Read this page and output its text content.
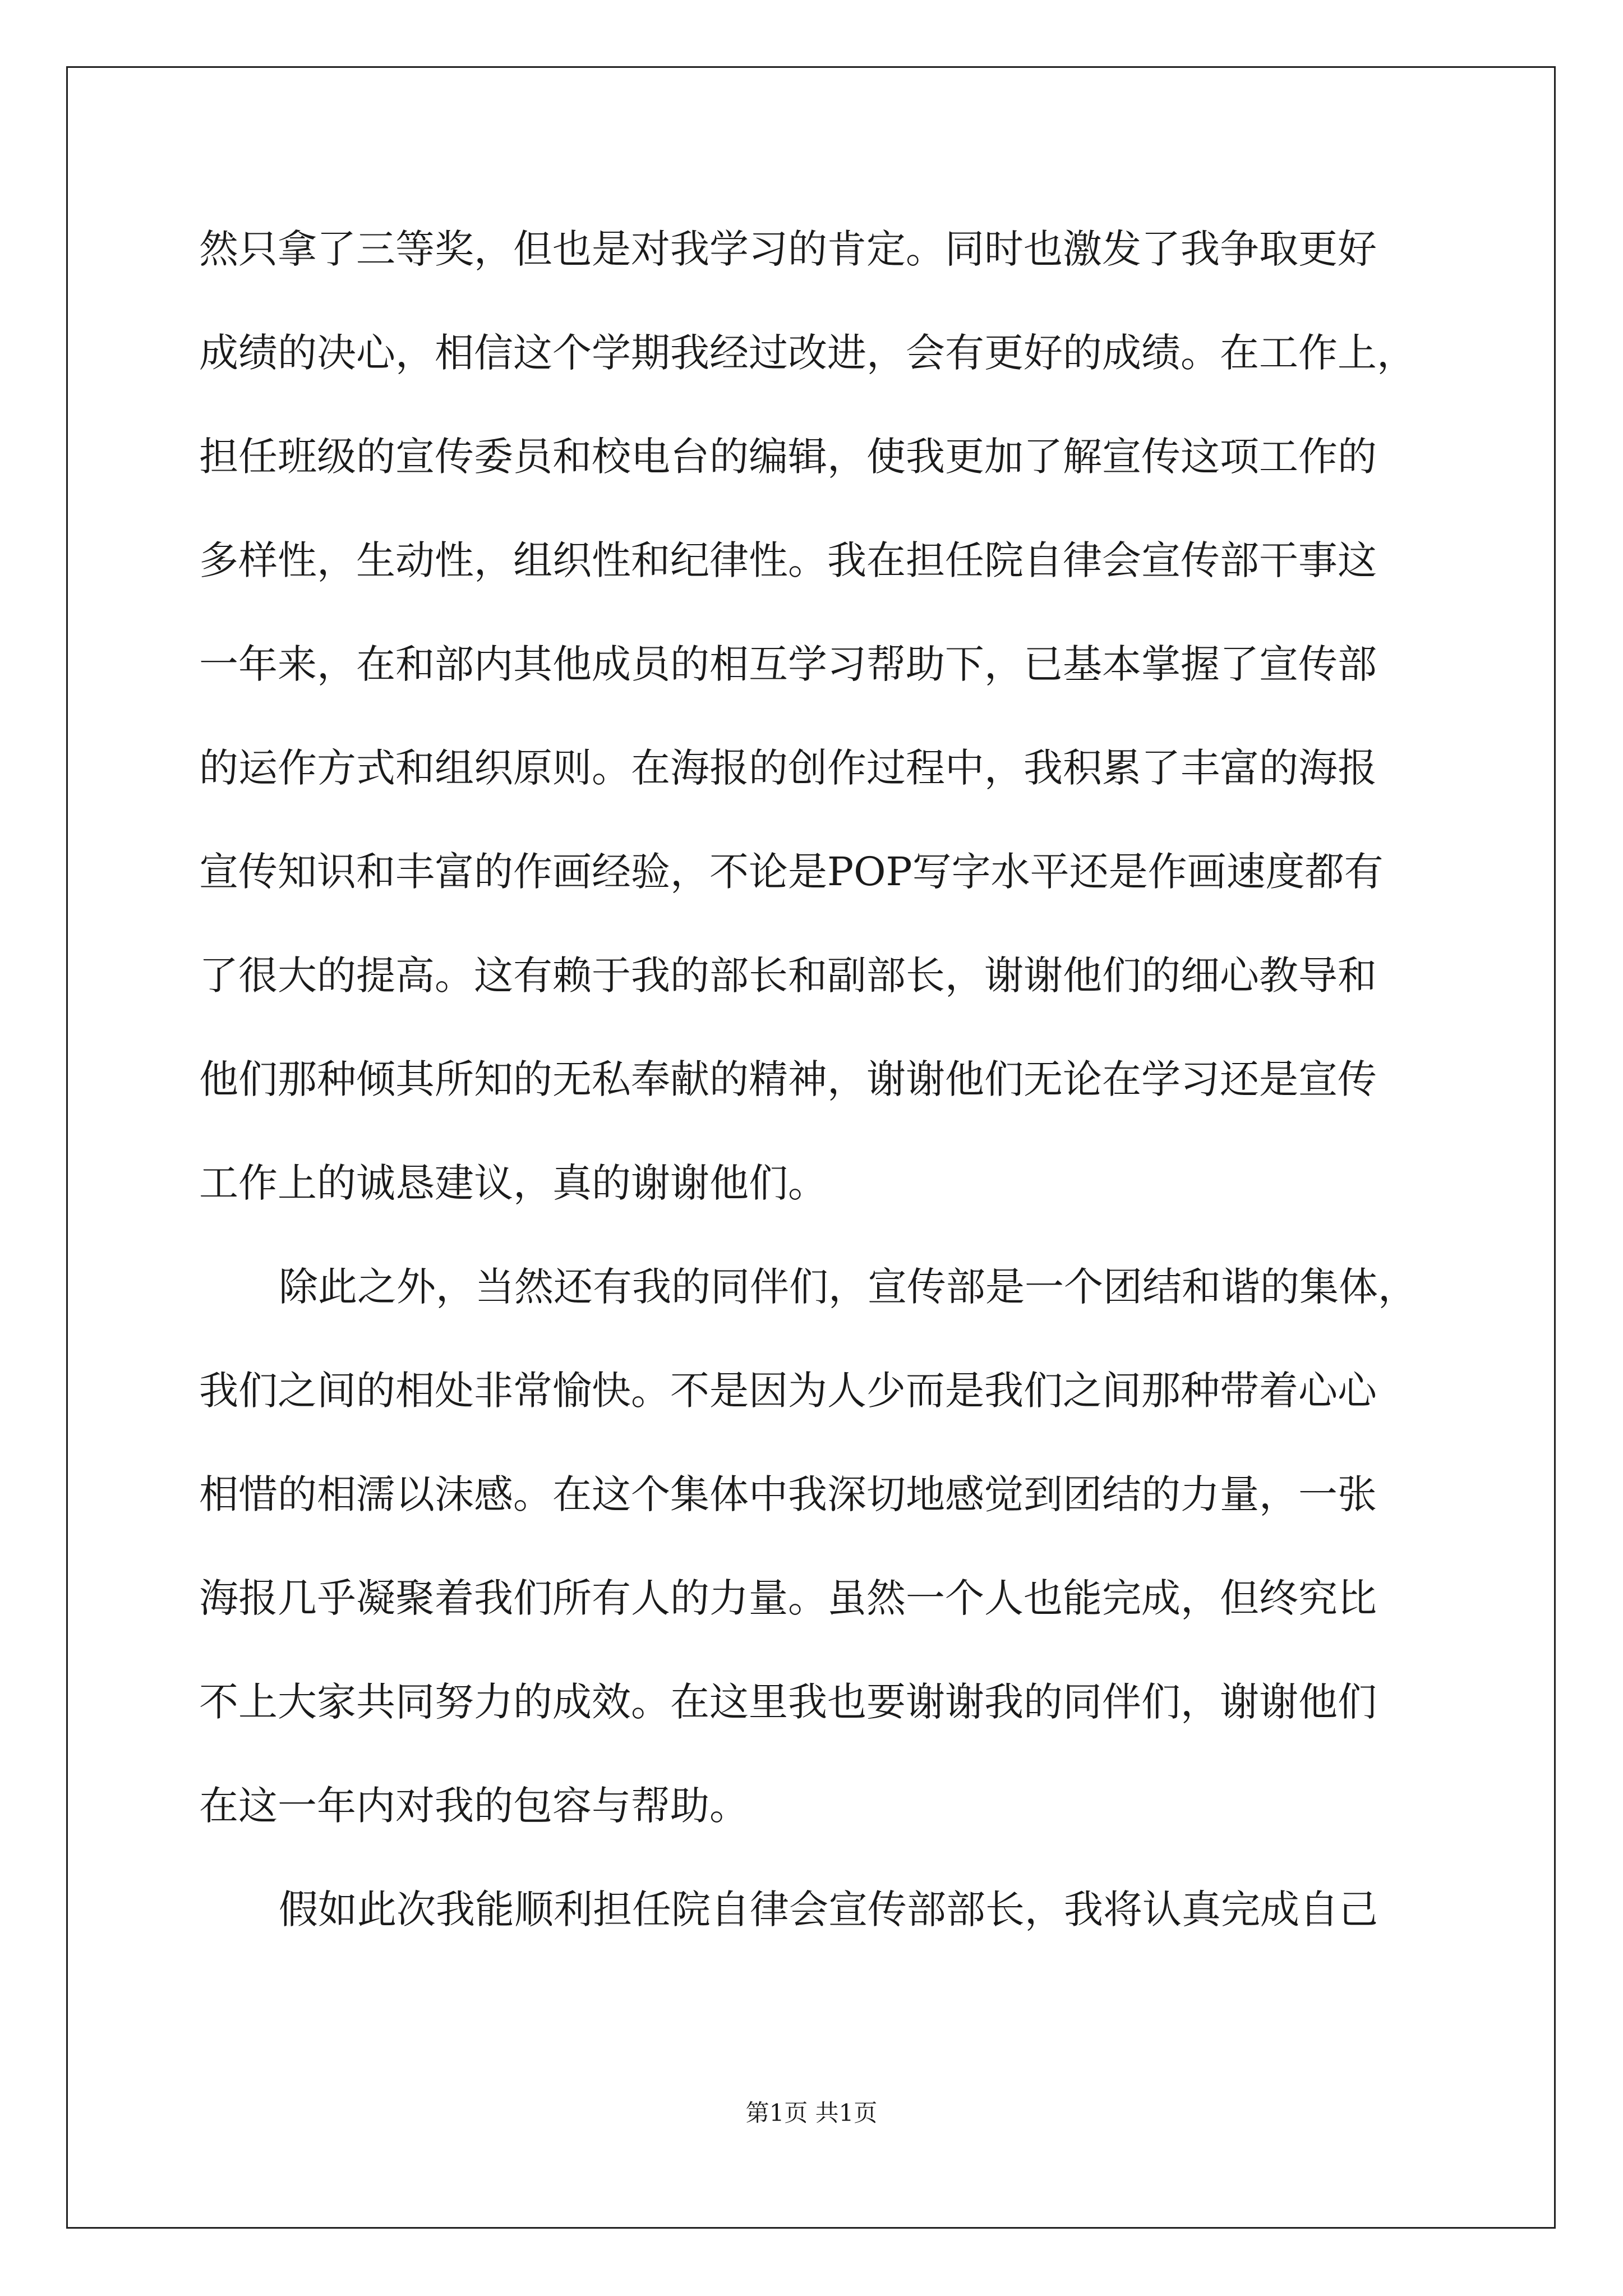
然只拿了三等奖，但也是对我学习的肯定。同时也激发了我争取更好
成绩的决心，相信这个学期我经过改进，会有更好的成绩。在工作上，
担任班级的宣传委员和校电台的编辑，使我更加了解宣传这项工作的
多样性，生动性，组织性和纪律性。我在担任院自律会宣传部干事这
一年来，在和部内其他成员的相互学习帮助下，已基本掌握了宣传部
的运作方式和组织原则。在海报的创作过程中，我积累了丰富的海报
宣传知识和丰富的作画经验，不论是POP写字水平还是作画速度都有
了很大的提高。这有赖于我的部长和副部长，谢谢他们的细心教导和
他们那种倾其所知的无私奉献的精神，谢谢他们无论在学习还是宣传
工作上的诚恳建议，真的谢谢他们。
除此之外，当然还有我的同伴们，宣传部是一个团结和谐的集体，
我们之间的相处非常愉快。不是因为人少而是我们之间那种带着心心
相惜的相濡以沫感。在这个集体中我深切地感觉到团结的力量，一张
海报几乎凝聚着我们所有人的力量。虽然一个人也能完成，但终究比
不上大家共同努力的成效。在这里我也要谢谢我的同伴们，谢谢他们
在这一年内对我的包容与帮助。
假如此次我能顺利担任院自律会宣传部部长，我将认真完成自己
第1页 共1页
